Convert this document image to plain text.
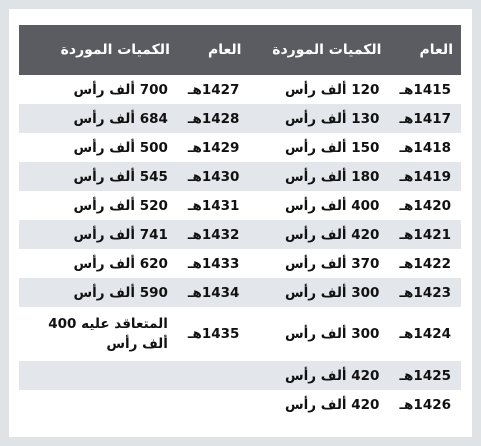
العام	الكميات الموردة	العام	الكميات الموردة
1415هـ	120 ألف رأس	1427هـ	700 ألف رأس
1417هـ	130 ألف رأس	1428هـ	684 ألف رأس
1418هـ	150 ألف رأس	1429هـ	500 ألف رأس
1419هـ	180 ألف رأس	1430هـ	545 ألف رأس
1420هـ	400 ألف رأس	1431هـ	520 ألف رأس
1421هـ	420 ألف رأس	1432هـ	741 ألف رأس
1422هـ	370 ألف رأس	1433هـ	620 ألف رأس
1423هـ	300 ألف رأس	1434هـ	590 ألف رأس
1424هـ	300 ألف رأس	1435هـ	المتعاقد عليه 400 ألف رأس
1425هـ	420 ألف رأس		
1426هـ	420 ألف رأس		
